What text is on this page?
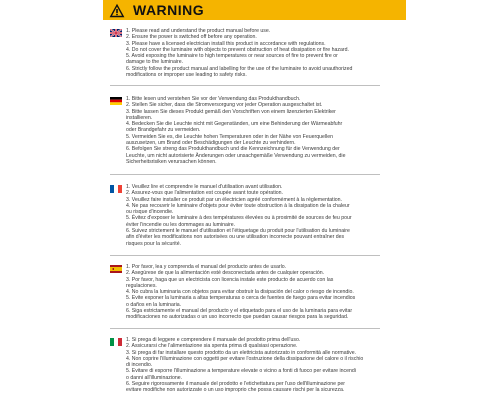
WARNING
1. Please read and understand the product manual before use.
2. Ensure the power is switched off before any operation.
3. Please have a licensed electrician install this product in accordance with regulations.
4. Do not cover the luminaire with objects to prevent obstruction of heat dissipation or fire hazard.
5. Avoid exposing the luminaire to high temperatures or near sources of fire to prevent fire or
damage to the luminaire.
6. Strictly follow the product manual and labelling for the use of the luminaire to avoid unauthorized
modifications or improper use leading to safety risks.
1. Bitte lesen und verstehen Sie vor der Verwendung das Produkthandbuch.
2. Stellen Sie sicher, dass die Stromversorgung vor jeder Operation ausgeschaltet ist.
3. Bitte lassen Sie dieses Produkt gemäß den Vorschriften von einem lizenzierten Elektriker
installieren.
4. Bedecken Sie die Leuchte nicht mit Gegenständen, um eine Behinderung der Wärmeabfuhr
oder Brandgefahr zu vermeiden.
5. Vermeiden Sie es, die Leuchte hohen Temperaturen oder in der Nähe von Feuerquellen
auszusetzen, um Brand oder Beschädigungen der Leuchte zu verhindern.
6. Befolgen Sie streng das Produkthandbuch und die Kennzeichnung für die Verwendung der
Leuchte, um nicht autorisierte Änderungen oder unsachgemäße Verwendung zu vermeiden, die
Sicherheitsrisiken verursachen können.
1. Veuillez lire et comprendre le manuel d'utilisation avant utilisation.
2. Assurez-vous que l'alimentation est coupée avant toute opération.
3. Veuillez faire installer ce produit par un électricien agréé conformément à la réglementation.
4. Ne pas recouvrir le luminaire d'objets pour éviter toute obstruction à la dissipation de la chaleur
ou risque d'incendie.
5. Évitez d'exposer le luminaire à des températures élevées ou à proximité de sources de feu pour
éviter l'incendie ou les dommages au luminaire.
6. Suivez strictement le manuel d'utilisation et l'étiquetage du produit pour l'utilisation du luminaire
afin d'éviter les modifications non autorisées ou une utilisation incorrecte pouvant entraîner des
risques pour la sécurité.
1. Por favor, lea y comprenda el manual del producto antes de usarlo.
2. Asegúrese de que la alimentación esté desconectada antes de cualquier operación.
3. Por favor, haga que un electricista con licencia instale este producto de acuerdo con las
regulaciones.
4. No cubra la luminaria con objetos para evitar obstruir la disipación del calor o riesgo de incendio.
5. Evite exponer la luminaria a altas temperaturas o cerca de fuentes de fuego para evitar incendios
o daños en la luminaria.
6. Siga estrictamente el manual del producto y el etiquetado para el uso de la luminaria para evitar
modificaciones no autorizadas o un uso incorrecto que puedan causar riesgos para la seguridad.
1. Si prega di leggere e comprendere il manuale del prodotto prima dell'uso.
2. Assicurarsi che l'alimentazione sia spenta prima di qualsiasi operazione.
3. Si prega di far installare questo prodotto da un elettricista autorizzato in conformità alle normative.
4. Non coprire l'illuminazione con oggetti per evitare l'ostruzione della dissipazione del calore o il rischio
di incendio.
5. Evitare di esporre l'illuminazione a temperature elevate o vicino a fonti di fuoco per evitare incendi
o danni all'illuminazione.
6. Seguire rigorosamente il manuale del prodotto e l'etichettatura per l'uso dell'illuminazione per
evitare modifiche non autorizzate o un uso improprio che possa causare rischi per la sicurezza.
